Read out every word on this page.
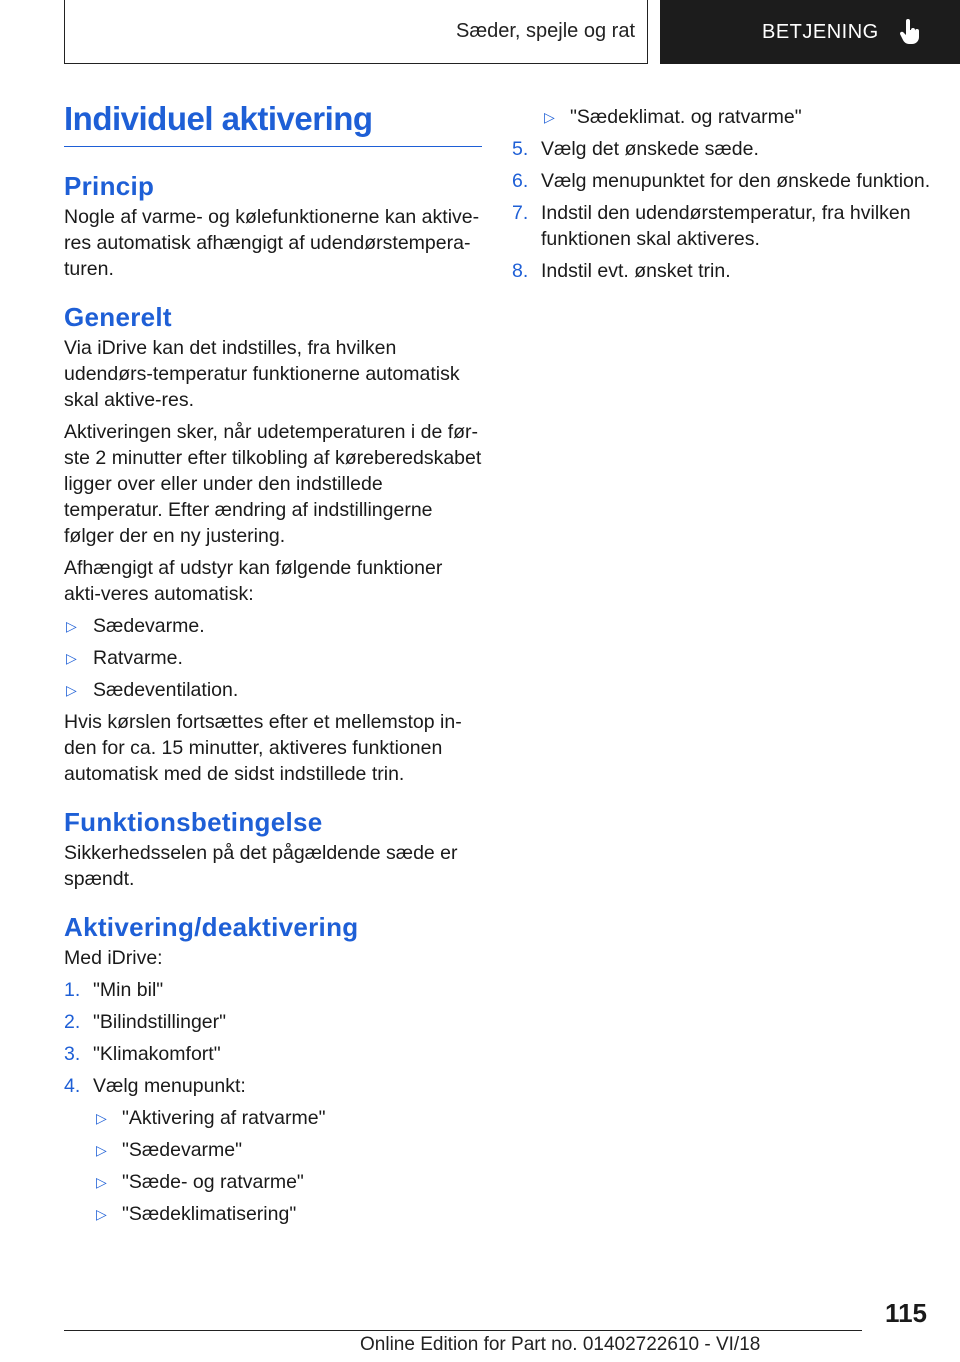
Sæder, spejle og rat	BETJENING
Individuel aktivering
Princip

Nogle af varme- og kølefunktionerne kan aktive-res automatisk afhængigt af udendørstempera-turen.

Generelt

Via iDrive kan det indstilles, fra hvilken udendørs-temperatur funktionerne automatisk skal aktive-res.

Aktiveringen sker, når udetemperaturen i de før-ste 2 minutter efter tilkobling af køreberedskabet ligger over eller under den indstillede temperatur. Efter ændring af indstillingerne følger der en ny justering.

Afhængigt af udstyr kan følgende funktioner akti-veres automatisk:

▷ Sædevarme.
▷ Ratvarme.
▷ Sædeventilation.

Hvis kørslen fortsættes efter et mellemstop in-den for ca. 15 minutter, aktiveres funktionen automatisk med de sidst indstillede trin.

Funktionsbetingelse

Sikkerhedsselen på det pågældende sæde er spændt.

Aktivering/deaktivering

Med iDrive:

1. "Min bil"
2. "Bilindstillinger"
3. "Klimakomfort"
4. Vælg menupunkt:
▷ "Aktivering af ratvarme"
▷ "Sædevarme"
▷ "Sæde- og ratvarme"
▷ "Sædeklimatisering"
▷ "Sædeklimat. og ratvarme"
5. Vælg det ønskede sæde.
6. Vælg menupunktet for den ønskede funktion.
7. Indstil den udendørstemperatur, fra hvilken funktionen skal aktiveres.
8. Indstil evt. ønsket trin.
115
Online Edition for Part no. 01402722610 - VI/18
